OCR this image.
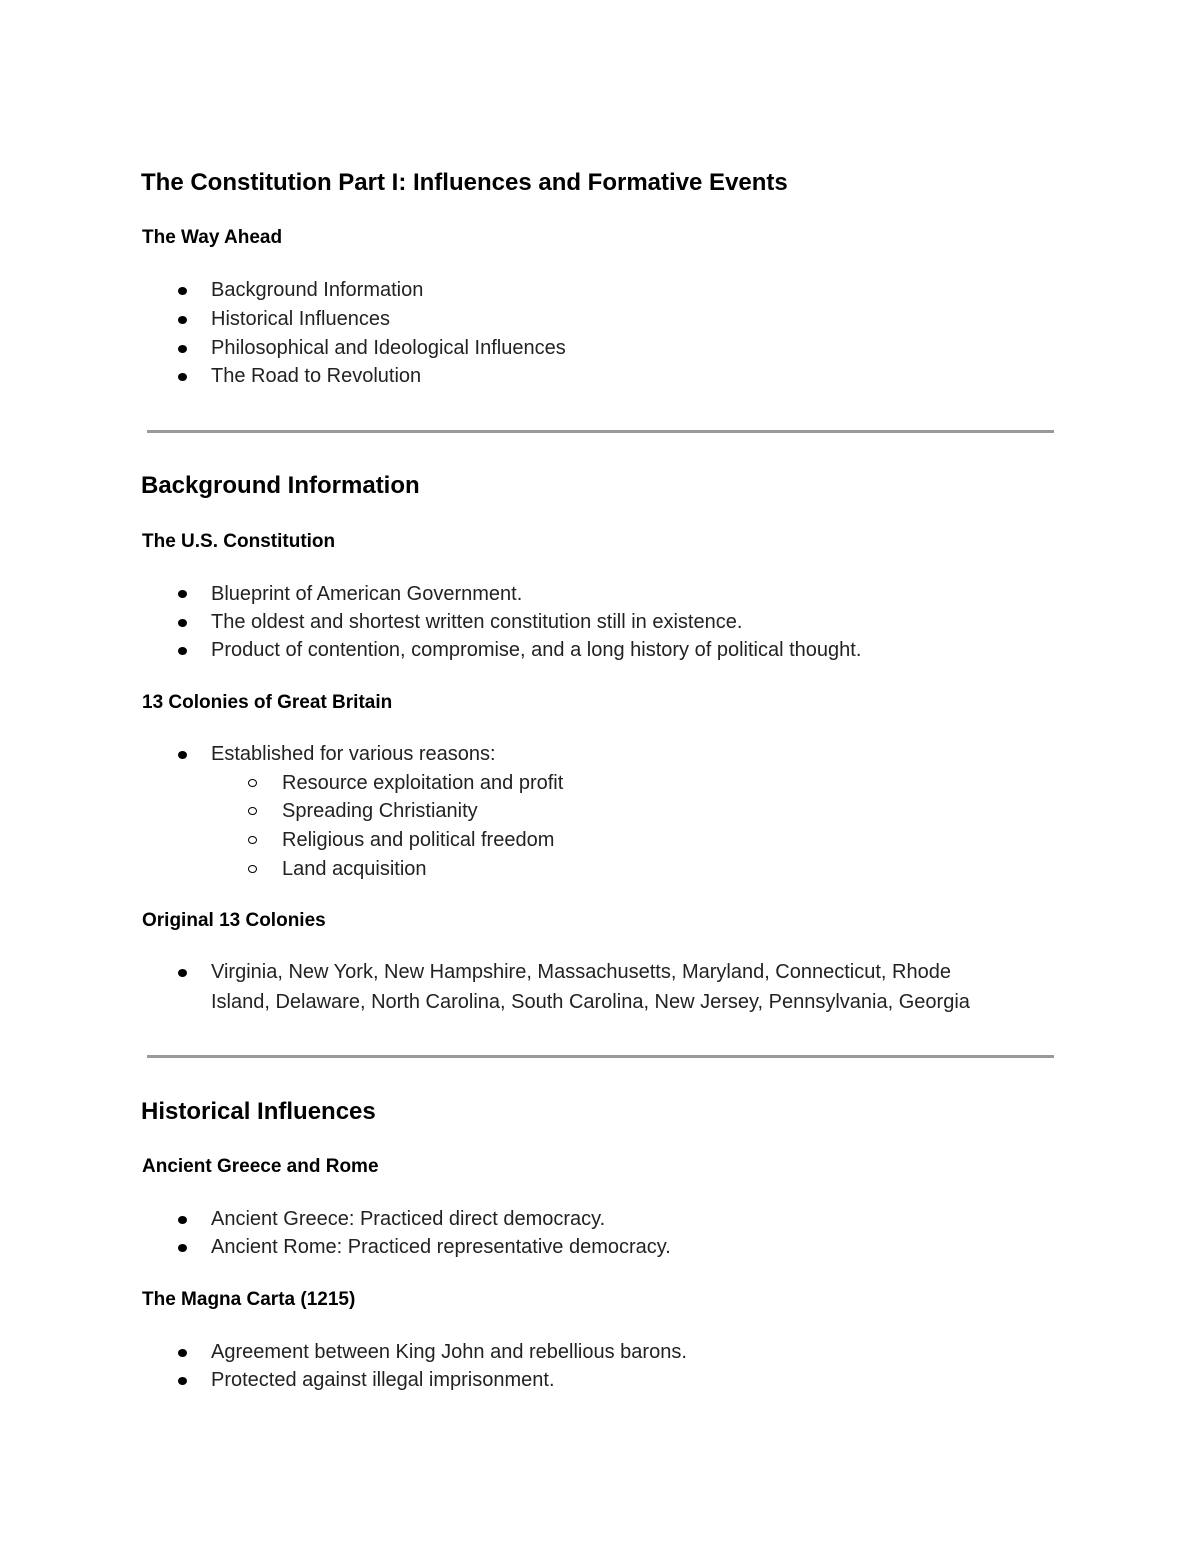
The Constitution Part I: Influences and Formative Events
The Way Ahead
Background Information
Historical Influences
Philosophical and Ideological Influences
The Road to Revolution
Background Information
The U.S. Constitution
Blueprint of American Government.
The oldest and shortest written constitution still in existence.
Product of contention, compromise, and a long history of political thought.
13 Colonies of Great Britain
Established for various reasons:
Resource exploitation and profit
Spreading Christianity
Religious and political freedom
Land acquisition
Original 13 Colonies
Virginia, New York, New Hampshire, Massachusetts, Maryland, Connecticut, Rhode
Island, Delaware, North Carolina, South Carolina, New Jersey, Pennsylvania, Georgia
Historical Influences
Ancient Greece and Rome
Ancient Greece: Practiced direct democracy.
Ancient Rome: Practiced representative democracy.
The Magna Carta (1215)
Agreement between King John and rebellious barons.
Protected against illegal imprisonment.
